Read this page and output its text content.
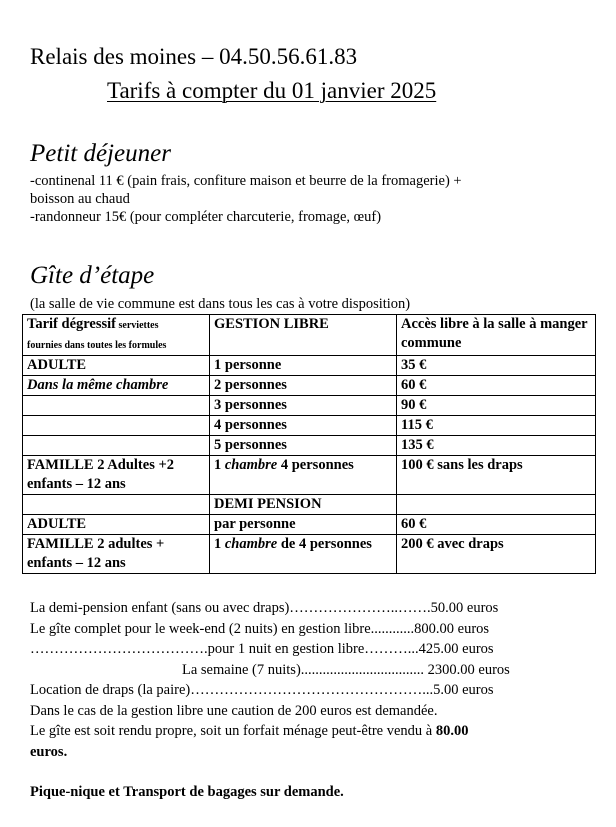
Relais des moines – 04.50.56.61.83
Tarifs à compter du 01 janvier 2025
Petit déjeuner
-continenal 11 € (pain frais, confiture maison et beurre de la fromagerie) +
boisson au chaud
-randonneur 15€ (pour compléter charcuterie, fromage, œuf)
Gîte d’étape
(la salle de vie commune est dans tous les cas à votre disposition)
Tarif dégressif serviettes
fournies dans toutes les formules	GESTION LIBRE	Accès libre à la salle à manger commune
ADULTE	1 personne	35 €
Dans la même chambre	2 personnes	60 €
	3 personnes	90 €
	4 personnes	115 €
	5 personnes	135 €
FAMILLE 2 Adultes +2 enfants – 12 ans	1 chambre 4 personnes	100 € sans les draps
	DEMI PENSION	
ADULTE	par personne	60 €
FAMILLE 2 adultes + enfants – 12 ans	1 chambre de 4 personnes	200 € avec draps
La demi-pension enfant (sans ou avec draps)…………………..…….50.00 euros
Le gîte complet pour le week-end (2 nuits) en gestion libre............800.00 euros
……………………………….pour 1 nuit en gestion libre………...425.00 euros
La semaine (7 nuits).................................. 2300.00 euros
Location de draps (la paire)…………………………………………...5.00 euros
Dans le cas de la gestion libre une caution de 200 euros est demandée.
Le gîte est soit rendu propre, soit un forfait ménage peut-être vendu à 80.00
euros.
Pique-nique et Transport de bagages sur demande.
